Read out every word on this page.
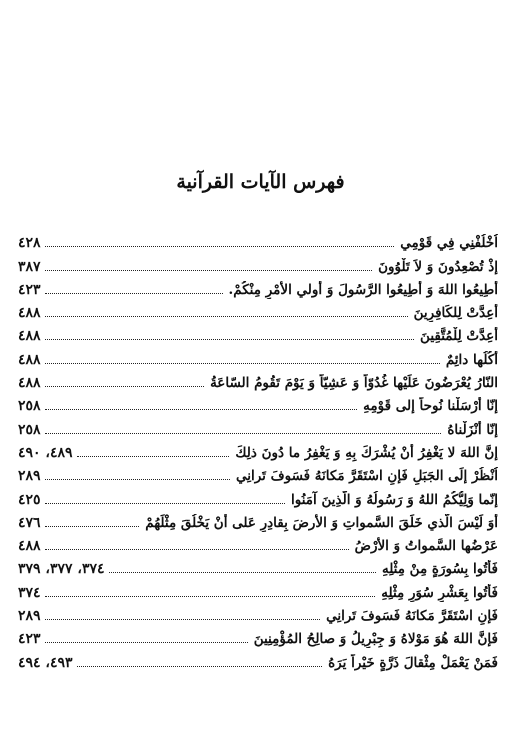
فهرس الآيات القرآنية
اُخْلُفْنِي فِي قَوْمِي
٤٢٨
إذْ تُصْعِدُونَ وَ لاَ تَلْوُونَ
٣٨٧
أطِيعُوا اللهَ وَ أطِيعُوا الرَّسُولَ وَ أُولي الأمْرِ مِنْكُمْ.
٤٢٣
أُعِدَّتْ لِلكَافِرِينَ
٤٨٨
أُعِدَّتْ لِلْمُتَّقِينَ
٤٨٨
أُكُلُها دائِمٌ
٤٨٨
النّارُ يُعْرَضُونَ عَلَيْها غُدُوّاً وَ عَشِيّاً وَ يَوْمَ تَقُومُ السّاعَةُ
٤٨٨
إنّا أرْسَلْنا نُوحاً إلى قَوْمِهِ
٢٥٨
إنّا أنْزَلْناهُ
٢٥٨
إنَّ اللهَ لا يَغْفِرُ أنْ يُشْرَكَ بِهِ وَ يَغْفِرُ ما دُونَ ذلِكَ
٤٨٩، ٤٩٠
اُنْظُرْ إلَى الجَبَلِ فَإنِ اسْتَقَرَّ مَكانَهُ فَسَوفَ تَرانِي
٢٨٩
إنّما وَلِيُّكُمُ اللهُ وَ رَسُولُهُ وَ الّذِينَ آمَنُوا
٤٢٥
أوَ لَيْسَ الّذي خَلَقَ السَّمواتِ وَ الأرضَ بِقادِرٍ عَلى أنْ يَخْلُقَ مِثْلَهُمْ
٤٧٦
عَرْضُها السَّمواتُ وَ الأرْضُ
٤٨٨
فَأْتُوا بِسُورَةٍ مِنْ مِثْلِهِ
٣٧٤، ٣٧٧، ٣٧٩
فَأْتُوا بِعَشْرِ سُوَرٍ مِثْلِهِ
٣٧٤
فَإنِ اسْتَقَرَّ مَكانَهُ فَسَوفَ تَرانِي
٢٨٩
فَإنَّ اللهَ هُوَ مَوْلاهُ وَ جِبْرِيلُ وَ صالِحُ المُؤْمِنِينَ
٤٢٣
فَمَنْ يَعْمَلْ مِثْقالَ ذَرَّةٍ خَيْراً يَرَهُ
٤٩٣، ٤٩٤
